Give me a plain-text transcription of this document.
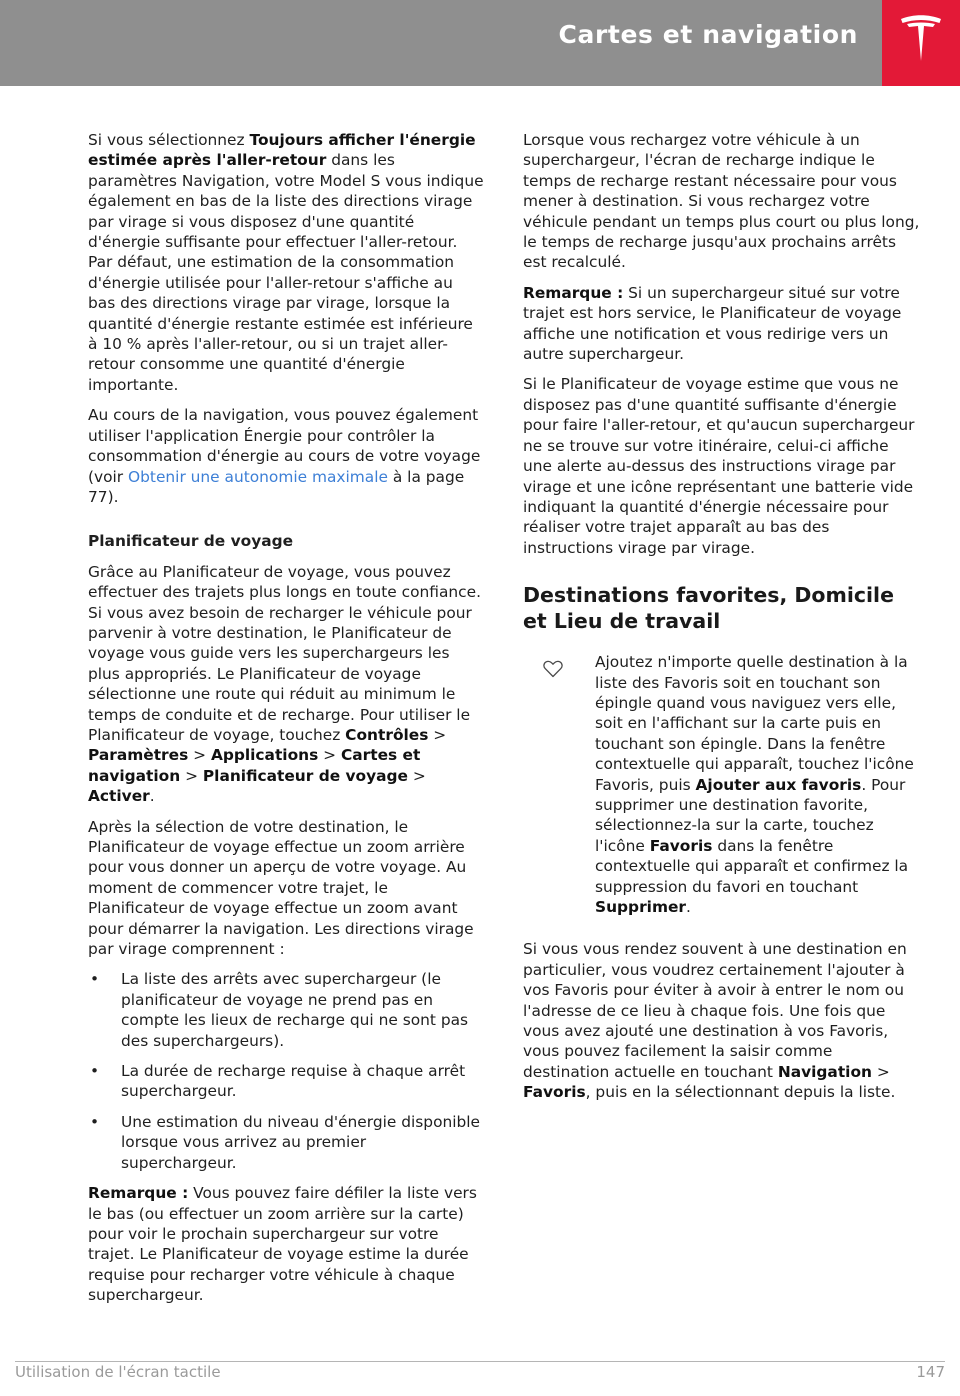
Cartes et navigation

Si vous sélectionnez Toujours afficher l'énergie estimée après l'aller-retour dans les paramètres Navigation, votre Model S vous indique également en bas de la liste des directions virage par virage si vous disposez d'une quantité d'énergie suffisante pour effectuer l'aller-retour. Par défaut, une estimation de la consommation d'énergie utilisée pour l'aller-retour s'affiche au bas des directions virage par virage, lorsque la quantité d'énergie restante estimée est inférieure à 10 % après l'aller-retour, ou si un trajet aller-retour consomme une quantité d'énergie importante.

Au cours de la navigation, vous pouvez également utiliser l'application Énergie pour contrôler la consommation d'énergie au cours de votre voyage (voir Obtenir une autonomie maximale à la page 77).

Planificateur de voyage

Grâce au Planificateur de voyage, vous pouvez effectuer des trajets plus longs en toute confiance. Si vous avez besoin de recharger le véhicule pour parvenir à votre destination, le Planificateur de voyage vous guide vers les superchargeurs les plus appropriés. Le Planificateur de voyage sélectionne une route qui réduit au minimum le temps de conduite et de recharge. Pour utiliser le Planificateur de voyage, touchez Contrôles > Paramètres > Applications > Cartes et navigation > Planificateur de voyage > Activer.

Après la sélection de votre destination, le Planificateur de voyage effectue un zoom arrière pour vous donner un aperçu de votre voyage. Au moment de commencer votre trajet, le Planificateur de voyage effectue un zoom avant pour démarrer la navigation. Les directions virage par virage comprennent :

• La liste des arrêts avec superchargeur (le planificateur de voyage ne prend pas en compte les lieux de recharge qui ne sont pas des superchargeurs).
• La durée de recharge requise à chaque arrêt superchargeur.
• Une estimation du niveau d'énergie disponible lorsque vous arrivez au premier superchargeur.

Remarque : Vous pouvez faire défiler la liste vers le bas (ou effectuer un zoom arrière sur la carte) pour voir le prochain superchargeur sur votre trajet. Le Planificateur de voyage estime la durée requise pour recharger votre véhicule à chaque superchargeur.

Lorsque vous rechargez votre véhicule à un superchargeur, l'écran de recharge indique le temps de recharge restant nécessaire pour vous mener à destination. Si vous rechargez votre véhicule pendant un temps plus court ou plus long, le temps de recharge jusqu'aux prochains arrêts est recalculé.

Remarque : Si un superchargeur situé sur votre trajet est hors service, le Planificateur de voyage affiche une notification et vous redirige vers un autre superchargeur.

Si le Planificateur de voyage estime que vous ne disposez pas d'une quantité suffisante d'énergie pour faire l'aller-retour, et qu'aucun superchargeur ne se trouve sur votre itinéraire, celui-ci affiche une alerte au-dessus des instructions virage par virage et une icône représentant une batterie vide indiquant la quantité d'énergie nécessaire pour réaliser votre trajet apparaît au bas des instructions virage par virage.

Destinations favorites, Domicile et Lieu de travail

Ajoutez n'importe quelle destination à la liste des Favoris soit en touchant son épingle quand vous naviguez vers elle, soit en l'affichant sur la carte puis en touchant son épingle. Dans la fenêtre contextuelle qui apparaît, touchez l'icône Favoris, puis Ajouter aux favoris. Pour supprimer une destination favorite, sélectionnez-la sur la carte, touchez l'icône Favoris dans la fenêtre contextuelle qui apparaît et confirmez la suppression du favori en touchant Supprimer.

Si vous vous rendez souvent à une destination en particulier, vous voudrez certainement l'ajouter à vos Favoris pour éviter à avoir à entrer le nom ou l'adresse de ce lieu à chaque fois. Une fois que vous avez ajouté une destination à vos Favoris, vous pouvez facilement la saisir comme destination actuelle en touchant Navigation > Favoris, puis en la sélectionnant depuis la liste.

Utilisation de l'écran tactile	147
